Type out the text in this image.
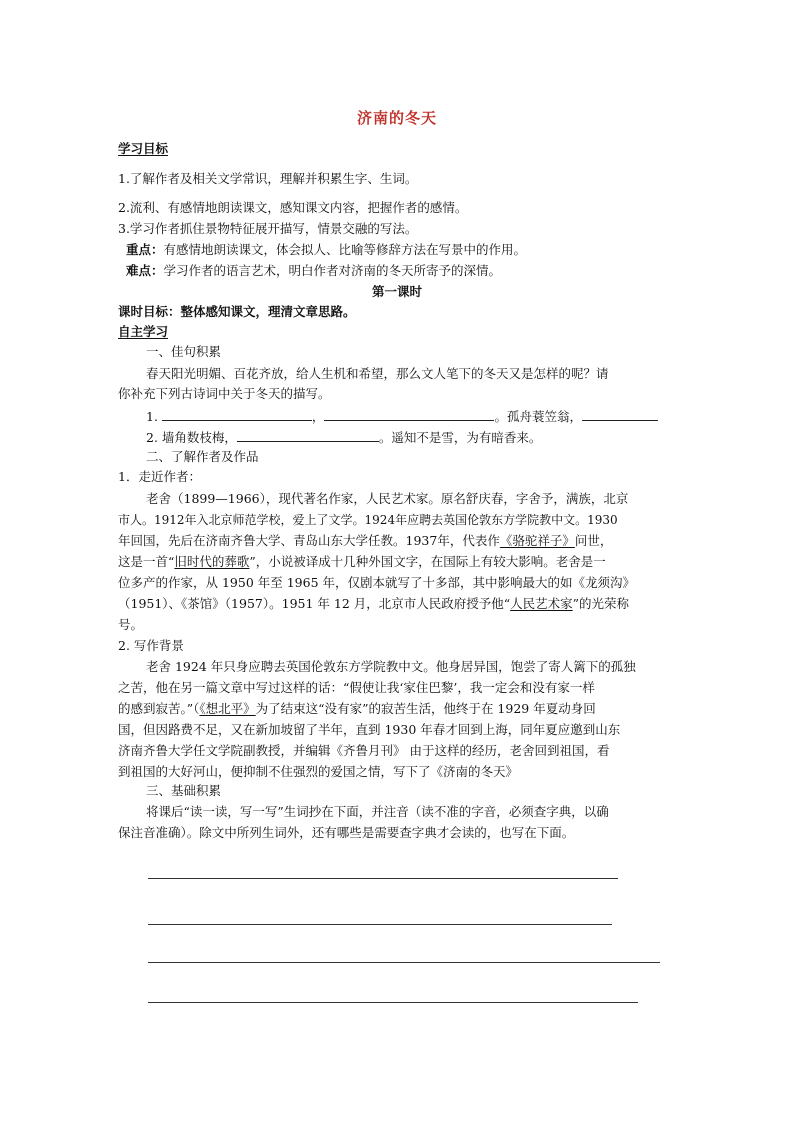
济南的冬天
学习目标
1.了解作者及相关文学常识，理解并积累生字、生词。
2.流利、有感情地朗读课文，感知课文内容，把握作者的感情。
3.学习作者抓住景物特征展开描写，情景交融的写法。
重点：有感情地朗读课文，体会拟人、比喻等修辞方法在写景中的作用。
难点：学习作者的语言艺术，明白作者对济南的冬天所寄予的深情。
第一课时
课时目标：整体感知课文，理清文章思路。
自主学习
一、佳句积累
春天阳光明媚、百花齐放，给人生机和希望，那么文人笔下的冬天又是怎样的呢？请
你补充下列古诗词中关于冬天的描写。
1.	，	。孤舟蓑笠翁，
2. 墙角数枝梅，	。遥知不是雪，为有暗香来。
二、了解作者及作品
1．走近作者：
老舍（1899—1966），现代著名作家，人民艺术家。原名舒庆春，字舍予，满族，北京
市人。1912年入北京师范学校，爱上了文学。1924年应聘去英国伦敦东方学院教中文。1930
年回国，先后在济南齐鲁大学、青岛山东大学任教。1937年，代表作《骆驼祥子》问世，
这是一首“旧时代的葬歌”，小说被译成十几种外国文字，在国际上有较大影响。老舍是一
位多产的作家，从 1950 年至 1965 年，仅剧本就写了十多部，其中影响最大的如《龙须沟》
（1951）、《茶馆》（1957）。1951 年 12 月，北京市人民政府授予他“人民艺术家”的光荣称
号。
2. 写作背景
老舍 1924 年只身应聘去英国伦敦东方学院教中文。他身居异国，饱尝了寄人篱下的孤独
之苦，他在另一篇文章中写过这样的话：“假使让我‘家住巴黎’，我一定会和没有家一样
的感到寂苦。”（《想北平》为了结束这“没有家”的寂苦生活，他终于在 1929 年夏动身回
国，但因路费不足，又在新加坡留了半年，直到 1930 年春才回到上海，同年夏应邀到山东
济南齐鲁大学任文学院副教授，并编辑《齐鲁月刊》 由于这样的经历，老舍回到祖国，看
到祖国的大好河山，便抑制不住强烈的爱国之情，写下了《济南的冬天》
三、基础积累
将课后“读一读，写一写”生词抄在下面，并注音（读不准的字音，必须查字典，以确
保注音准确）。除文中所列生词外，还有哪些是需要查字典才会读的，也写在下面。
